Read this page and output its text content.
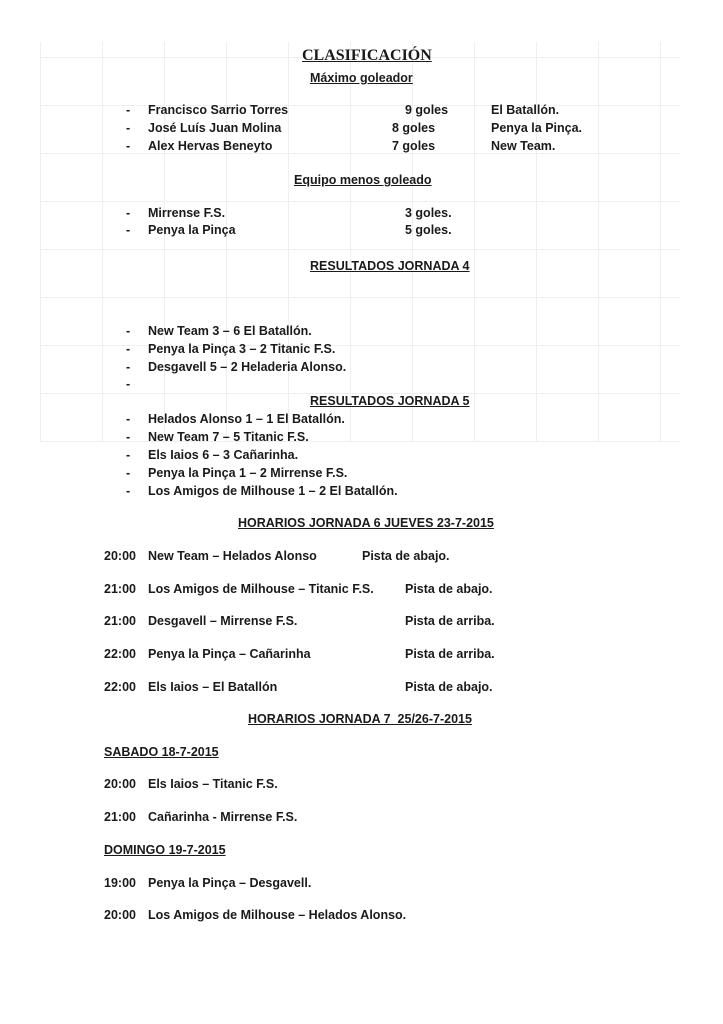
CLASIFICACIÓN
Máximo goleador
- Francisco Sarrio Torres	9 goles	El Batallón.
- José Luís Juan Molina	8 goles	Penya la Pinça.
- Alex Hervas Beneyto	7 goles	New Team.
Equipo menos goleado
- Mirrense F.S.	3 goles.
- Penya la Pinça	5 goles.
RESULTADOS JORNADA 4
- New Team 3 – 6 El Batallón.
- Penya la Pinça 3 – 2 Titanic F.S.
- Desgavell 5 – 2 Heladeria Alonso.
-
RESULTADOS JORNADA 5
- Helados Alonso 1 – 1 El Batallón.
- New Team 7 – 5 Titanic F.S.
- Els Iaios 6 – 3 Cañarinha.
- Penya la Pinça 1 – 2 Mirrense F.S.
- Los Amigos de Milhouse 1 – 2 El Batallón.
HORARIOS JORNADA 6 JUEVES 23-7-2015
20:00 New Team – Helados Alonso	Pista de abajo.
21:00 Los Amigos de Milhouse – Titanic F.S.	Pista de abajo.
21:00 Desgavell – Mirrense F.S.	Pista de arriba.
22:00 Penya la Pinça – Cañarinha	Pista de arriba.
22:00 Els Iaios – El Batallón	Pista de abajo.
HORARIOS JORNADA 7  25/26-7-2015
SABADO 18-7-2015
20:00 Els Iaios – Titanic F.S.
21:00 Cañarinha - Mirrense F.S.
DOMINGO 19-7-2015
19:00 Penya la Pinça – Desgavell.
20:00 Los Amigos de Milhouse – Helados Alonso.
